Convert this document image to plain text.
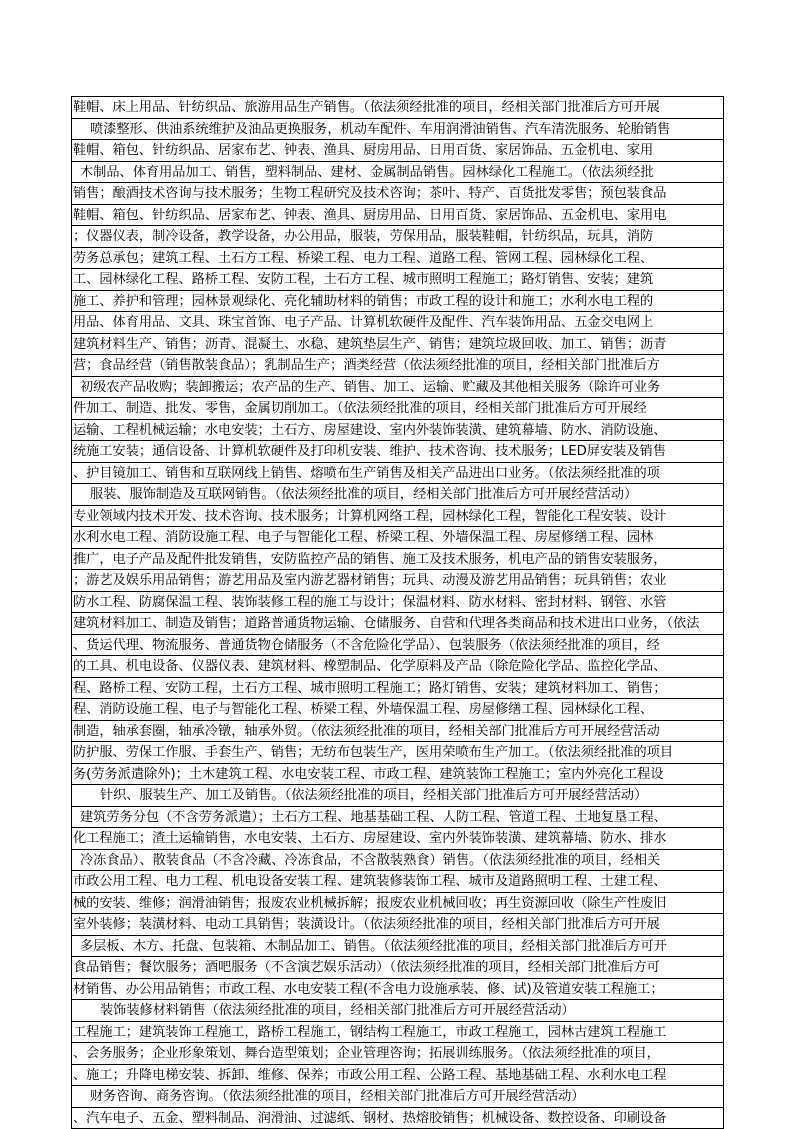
鞋帽、床上用品、针纺织品、旅游用品生产销售。（依法须经批准的项目，经相关部门批准后方可开展
喷漆整形、供油系统维护及油品更换服务，机动车配件、车用润滑油销售、汽车清洗服务、轮胎销售
鞋帽、箱包、针纺织品、居家布艺、钟表、渔具、厨房用品、日用百货、家居饰品、五金机电、家用
木制品、体育用品加工、销售，塑料制品、建材、金属制品销售。园林绿化工程施工。（依法须经批
销售；酿酒技术咨询与技术服务；生物工程研究及技术咨询；茶叶、特产、百货批发零售；预包装食品
鞋帽、箱包、针纺织品、居家布艺、钟表、渔具、厨房用品、日用百货、家居饰品、五金机电、家用电
；仪器仪表，制冷设备，教学设备，办公用品，服装，劳保用品，服装鞋帽，针纺织品，玩具，消防
劳务总承包；建筑工程、土石方工程、桥梁工程、电力工程、道路工程、管网工程、园林绿化工程、
工、园林绿化工程、路桥工程、安防工程，土石方工程、城市照明工程施工；路灯销售、安装；建筑
施工、养护和管理；园林景观绿化、亮化辅助材料的销售；市政工程的设计和施工；水利水电工程的
用品、体育用品、文具、珠宝首饰、电子产品、计算机软硬件及配件、汽车装饰用品、五金交电网上
建筑材料生产、销售；沥青、混凝土、水稳、建筑垫层生产、销售；建筑垃圾回收、加工、销售；沥青
营；食品经营（销售散装食品）；乳制品生产；酒类经营（依法须经批准的项目，经相关部门批准后方
初级农产品收购；装卸搬运；农产品的生产、销售、加工、运输、贮藏及其他相关服务（除许可业务
件加工、制造、批发、零售，金属切削加工。（依法须经批准的项目，经相关部门批准后方可开展经
运输、工程机械运输；水电安装；土石方、房屋建设、室内外装饰装潢、建筑幕墙、防水、消防设施、
统施工安装；通信设备、计算机软硬件及打印机安装、维护、技术咨询、技术服务；LED屏安装及销售
、护目镜加工、销售和互联网线上销售、熔喷布生产销售及相关产品进出口业务。（依法须经批准的项
服装、服饰制造及互联网销售。（依法须经批准的项目，经相关部门批准后方可开展经营活动）
专业领域内技术开发、技术咨询、技术服务；计算机网络工程，园林绿化工程，智能化工程安装、设计
水利水电工程、消防设施工程、电子与智能化工程、桥梁工程、外墙保温工程、房屋修缮工程、园林
推广，电子产品及配件批发销售，安防监控产品的销售、施工及技术服务，机电产品的销售安装服务，
；游艺及娱乐用品销售；游艺用品及室内游艺器材销售；玩具、动漫及游艺用品销售；玩具销售；农业
防水工程、防腐保温工程、装饰装修工程的施工与设计；保温材料、防水材料、密封材料、钢管、水管
建筑材料加工、制造及销售；道路普通货物运输、仓储服务、自营和代理各类商品和技术进出口业务，（依法
、货运代理、物流服务、普通货物仓储服务（不含危险化学品）、包装服务（依法须经批准的项目，经
的工具、机电设备、仪器仪表、建筑材料、橡塑制品、化学原料及产品（除危险化学品、监控化学品、
程、路桥工程、安防工程，土石方工程、城市照明工程施工；路灯销售、安装；建筑材料加工、销售；
程、消防设施工程、电子与智能化工程、桥梁工程、外墙保温工程、房屋修缮工程、园林绿化工程、
制造，轴承套圈，轴承冷镦，轴承外贸。（依法须经批准的项目，经相关部门批准后方可开展经营活动
防护服、劳保工作服、手套生产、销售；无纺布包装生产，医用荣喷布生产加工。（依法须经批准的项目
务(劳务派遣除外)；土木建筑工程、水电安装工程、市政工程、建筑装饰工程施工；室内外亮化工程设
针织、服装生产、加工及销售。（依法须经批准的项目，经相关部门批准后方可开展经营活动）
建筑劳务分包（不含劳务派遣）；土石方工程、地基基础工程、人防工程、管道工程、土地复垦工程、
化工程施工；渣土运输销售，水电安装、土石方、房屋建设、室内外装饰装潢、建筑幕墙、防水、排水
冷冻食品）、散装食品（不含冷藏、冷冻食品，不含散装熟食）销售。（依法须经批准的项目，经相关
市政公用工程、电力工程、机电设备安装工程、建筑装修装饰工程、城市及道路照明工程、土建工程、
械的安装、维修；润滑油销售；报废农业机械拆解；报废农业机械回收；再生资源回收（除生产性废旧
室外装修；装潢材料、电动工具销售；装潢设计。（依法须经批准的项目，经相关部门批准后方可开展
多层板、木方、托盘、包装箱、木制品加工、销售。（依法须经批准的项目，经相关部门批准后方可开
食品销售；餐饮服务；酒吧服务（不含演艺娱乐活动）（依法须经批准的项目，经相关部门批准后方可
材销售、办公用品销售；市政工程、水电安装工程(不含电力设施承装、修、试)及管道安装工程施工；
装饰装修材料销售（依法须经批准的项目，经相关部门批准后方可开展经营活动）
工程施工；建筑装饰工程施工，路桥工程施工，钢结构工程施工，市政工程施工，园林古建筑工程施工
、会务服务；企业形象策划、舞台造型策划；企业管理咨询；拓展训练服务。（依法须经批准的项目，
、施工；升降电梯安装、拆卸、维修、保养；市政公用工程、公路工程、基地基础工程、水利水电工程
财务咨询、商务咨询。（依法须经批准的项目，经相关部门批准后方可开展经营活动）
、汽车电子、五金、塑料制品、润滑油、过滤纸、钢材、热熔胶销售；机械设备、数控设备、印刷设备
